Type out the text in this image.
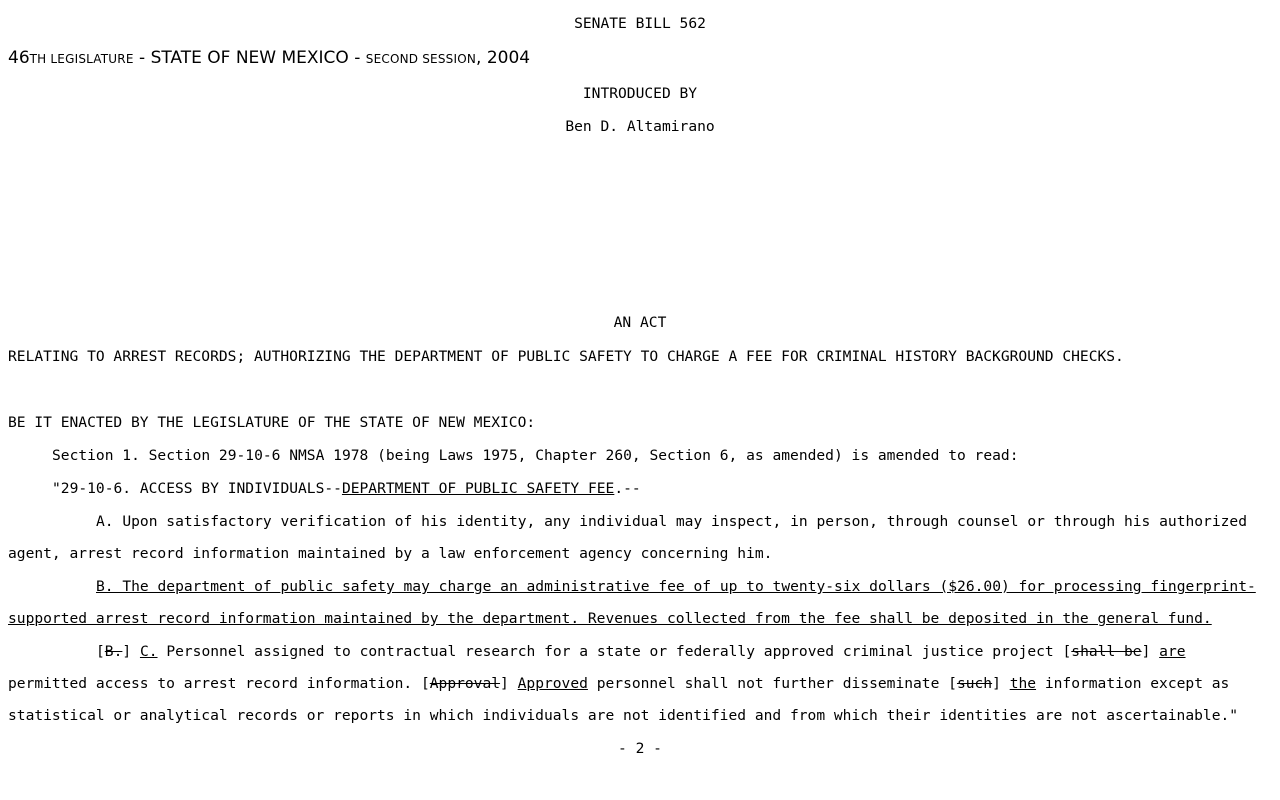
SENATE BILL 562
46TH LEGISLATURE - STATE OF NEW MEXICO - SECOND SESSION, 2004
INTRODUCED BY
Ben D. Altamirano
AN ACT
RELATING TO ARREST RECORDS; AUTHORIZING THE DEPARTMENT OF PUBLIC SAFETY TO CHARGE A FEE FOR CRIMINAL HISTORY BACKGROUND CHECKS.
BE IT ENACTED BY THE LEGISLATURE OF THE STATE OF NEW MEXICO:
Section 1. Section 29-10-6 NMSA 1978 (being Laws 1975, Chapter 260, Section 6, as amended) is amended to read:
"29-10-6. ACCESS BY INDIVIDUALS--DEPARTMENT OF PUBLIC SAFETY FEE.--
A. Upon satisfactory verification of his identity, any individual may inspect, in person, through counsel or through his authorized
agent, arrest record information maintained by a law enforcement agency concerning him.
B. The department of public safety may charge an administrative fee of up to twenty-six dollars ($26.00) for processing fingerprint-
supported arrest record information maintained by the department. Revenues collected from the fee shall be deposited in the general fund.
[B.] C. Personnel assigned to contractual research for a state or federally approved criminal justice project [shall be] are
permitted access to arrest record information. [Approval] Approved personnel shall not further disseminate [such] the information except as
statistical or analytical records or reports in which individuals are not identified and from which their identities are not ascertainable."
- 2 -
